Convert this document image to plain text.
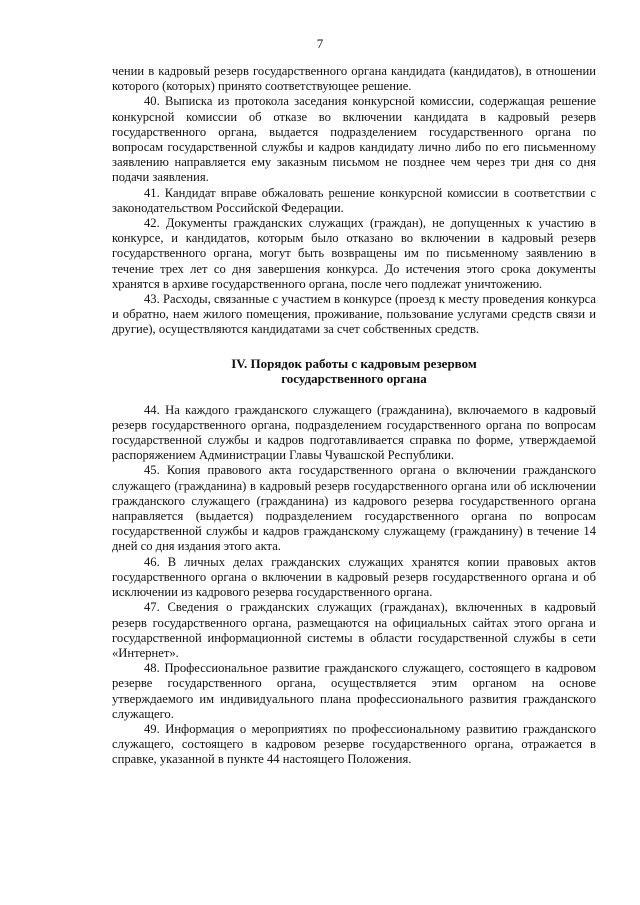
7

чении в кадровый резерв государственного органа кандидата (кандидатов), в отношении которого (которых) принято соответствующее решение.

40. Выписка из протокола заседания конкурсной комиссии, содержащая решение конкурсной комиссии об отказе во включении кандидата в кадровый резерв государственного органа, выдается подразделением государственного органа по вопросам государственной службы и кадров кандидату лично либо по его письменному заявлению направляется ему заказным письмом не позднее чем через три дня со дня подачи заявления.

41. Кандидат вправе обжаловать решение конкурсной комиссии в соответствии с законодательством Российской Федерации.

42. Документы гражданских служащих (граждан), не допущенных к участию в конкурсе, и кандидатов, которым было отказано во включении в кадровый резерв государственного органа, могут быть возвращены им по письменному заявлению в течение трех лет со дня завершения конкурса. До истечения этого срока документы хранятся в архиве государственного органа, после чего подлежат уничтожению.

43. Расходы, связанные с участием в конкурсе (проезд к месту проведения конкурса и обратно, наем жилого помещения, проживание, пользование услугами средств связи и другие), осуществляются кандидатами за счет собственных средств.

IV. Порядок работы с кадровым резервом
государственного органа

44. На каждого гражданского служащего (гражданина), включаемого в кадровый резерв государственного органа, подразделением государственного органа по вопросам государственной службы и кадров подготавливается справка по форме, утверждаемой распоряжением Администрации Главы Чувашской Республики.

45. Копия правового акта государственного органа о включении гражданского служащего (гражданина) в кадровый резерв государственного органа или об исключении гражданского служащего (гражданина) из кадрового резерва государственного органа направляется (выдается) подразделением государственного органа по вопросам государственной службы и кадров гражданскому служащему (гражданину) в течение 14 дней со дня издания этого акта.

46. В личных делах гражданских служащих хранятся копии правовых актов государственного органа о включении в кадровый резерв государственного органа и об исключении из кадрового резерва государственного органа.

47. Сведения о гражданских служащих (гражданах), включенных в кадровый резерв государственного органа, размещаются на официальных сайтах этого органа и государственной информационной системы в области государственной службы в сети «Интернет».

48. Профессиональное развитие гражданского служащего, состоящего в кадровом резерве государственного органа, осуществляется этим органом на основе утверждаемого им индивидуального плана профессионального развития гражданского служащего.

49. Информация о мероприятиях по профессиональному развитию гражданского служащего, состоящего в кадровом резерве государственного органа, отражается в справке, указанной в пункте 44 настоящего Положения.
